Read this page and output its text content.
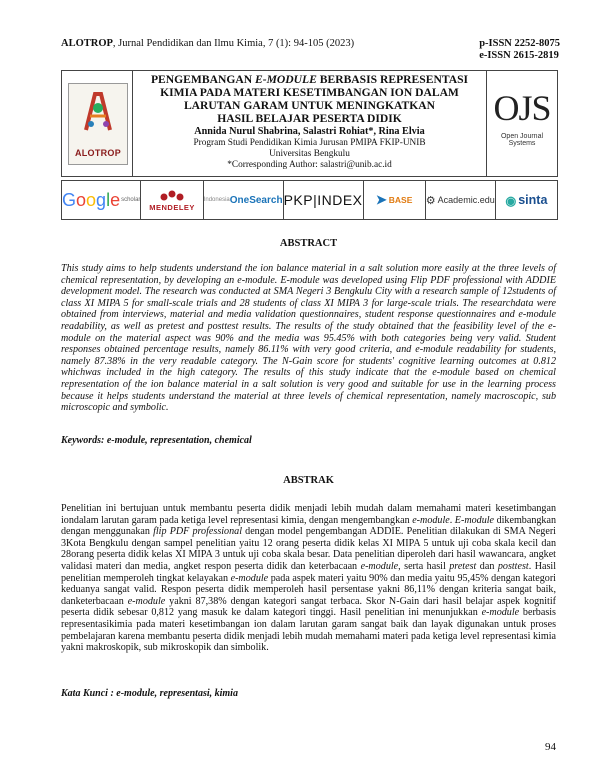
ALOTROP, Jurnal Pendidikan dan Ilmu Kimia, 7 (1): 94-105 (2023)	p-ISSN 2252-8075
e-ISSN 2615-2819
ALOTROP
PENGEMBANGAN E-MODULE BERBASIS REPRESENTASI
KIMIA PADA MATERI KESETIMBANGAN ION DALAM
LARUTAN GARAM UNTUK MENINGKATKAN
HASIL BELAJAR PESERTA DIDIK
Annida Nurul Shabrina, Salastri Rohiat*, Rina Elvia
Program Studi Pendidikan Kimia Jurusan PMIPA FKIP-UNIB
Universitas Bengkulu
*Corresponding Author: salastri@unib.ac.id
OJS
Open Journal Systems
Google scholar
MENDELEY
Indonesia OneSearch PKP|INDEX ➤ BASE ⚙ Academic.edu ◉ sinta
ABSTRACT
This study aims to help students understand the ion balance material in a salt solution more easily at the three levels of chemical representation, by developing an e-module. E-module was developed using Flip PDF professional with ADDIE development model. The research was conducted at SMA Negeri 3 Bengkulu City with a research sample of 12students of class XI MIPA 5 for small-scale trials and 28 students of class XI MIPA 3 for large-scale trials. The researchdata were obtained from interviews, material and media validation questionnaires, student response questionnaires and e-module readability, as well as pretest and posttest results. The results of the study obtained that the feasibility level of the e-module on the material aspect was 90% and the media was 95.45% with both categories being very valid. Student responses obtained percentage results, namely 86.11% with very good criteria, and e-module readability for students, namely 87.38% in the very readable category. The N-Gain score for students' cognitive learning outcomes at 0.812 whichwas included in the high category. The results of this study indicate that the e-module based on chemical representation of the ion balance material in a salt solution is very good and suitable for use in the learning process because it helps students understand the material at three levels of chemical representation, namely macroscopic, sub microscopic and symbolic.
Keywords: e-module, representation, chemical
ABSTRAK
Penelitian ini bertujuan untuk membantu peserta didik menjadi lebih mudah dalam memahami materi kesetimbangan iondalam larutan garam pada ketiga level representasi kimia, dengan mengembangkan e-module. E-module dikembangkan dengan menggunakan flip PDF professional dengan model pengembangan ADDIE. Penelitian dilakukan di SMA Negeri 3Kota Bengkulu dengan sampel penelitian yaitu 12 orang peserta didik kelas XI MIPA 5 untuk uji coba skala kecil dan 28orang peserta didik kelas XI MIPA 3 untuk uji coba skala besar. Data penelitian diperoleh dari hasil wawancara, angket validasi materi dan media, angket respon peserta didik dan keterbacaan e-module, serta hasil pretest dan posttest. Hasil penelitian memperoleh tingkat kelayakan e-module pada aspek materi yaitu 90% dan media yaitu 95,45% dengan kategori keduanya sangat valid. Respon peserta didik memperoleh hasil persentase yakni 86,11% dengan kriteria sangat baik, danketerbacaan e-module yakni 87,38% dengan kategori sangat terbaca. Skor N-Gain dari hasil belajar aspek kognitif peserta didik sebesar 0,812 yang masuk ke dalam kategori tinggi. Hasil penelitian ini menunjukkan e-module berbasis representasikimia pada materi kesetimbangan ion dalam larutan garam sangat baik dan layak digunakan untuk proses pembelajaran karena membantu peserta didik menjadi lebih mudah memahami materi pada ketiga level representasi kimia yakni makroskopik, sub mikroskopik dan simbolik.
Kata Kunci : e-module, representasi, kimia
94
